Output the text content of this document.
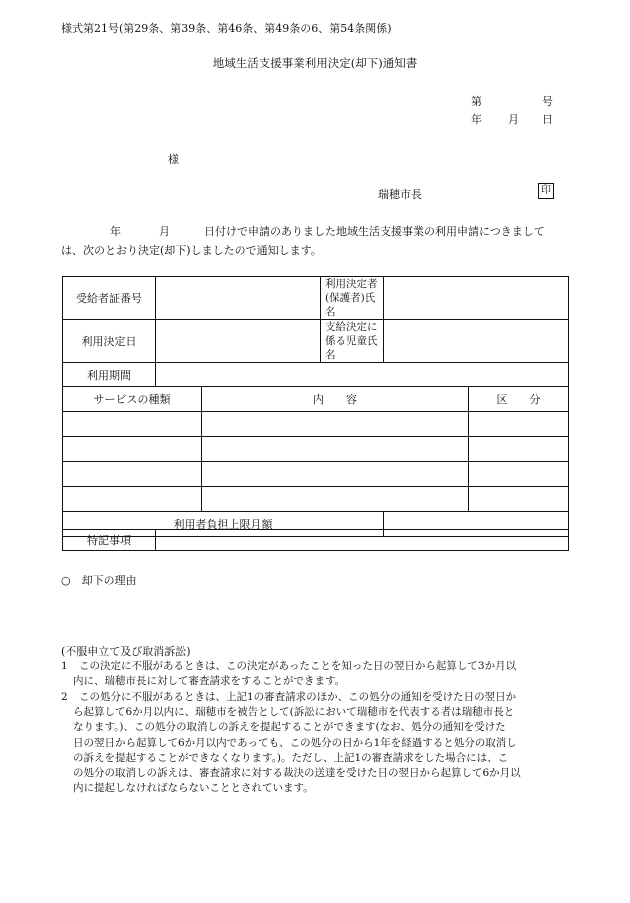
様式第21号(第29条、第39条、第46条、第49条の6、第54条関係)
地域生活支援事業利用決定(却下)通知書
第	号
年 月 日
様
瑞穂市長	印
年	月	日付けで申請のありました地域生活支援事業の利用申請につきまして
は、次のとおり決定(却下)しましたので通知します。
受給者証番号			利用決定者(保護者)氏名		
利用決定日			支給決定に係る児童氏名		
利用期間					
サービスの種類		内　　容			区　　分

利用者負担上限月額					
特記事項	
○　却下の理由
(不服申立て及び取消訴訟)
1 この決定に不服があるときは、この決定があったことを知った日の翌日から起算して3か月以
内に、瑞穂市長に対して審査請求をすることができます。
2 この処分に不服があるときは、上記1の審査請求のほか、この処分の通知を受けた日の翌日か
ら起算して6か月以内に、瑞穂市を被告として(訴訟において瑞穂市を代表する者は瑞穂市長と
なります。)、この処分の取消しの訴えを提起することができます(なお、処分の通知を受けた
日の翌日から起算して6か月以内であっても、この処分の日から1年を経過すると処分の取消し
の訴えを提起することができなくなります。)。ただし、上記1の審査請求をした場合には、こ
の処分の取消しの訴えは、審査請求に対する裁決の送達を受けた日の翌日から起算して6か月以
内に提起しなければならないこととされています。
